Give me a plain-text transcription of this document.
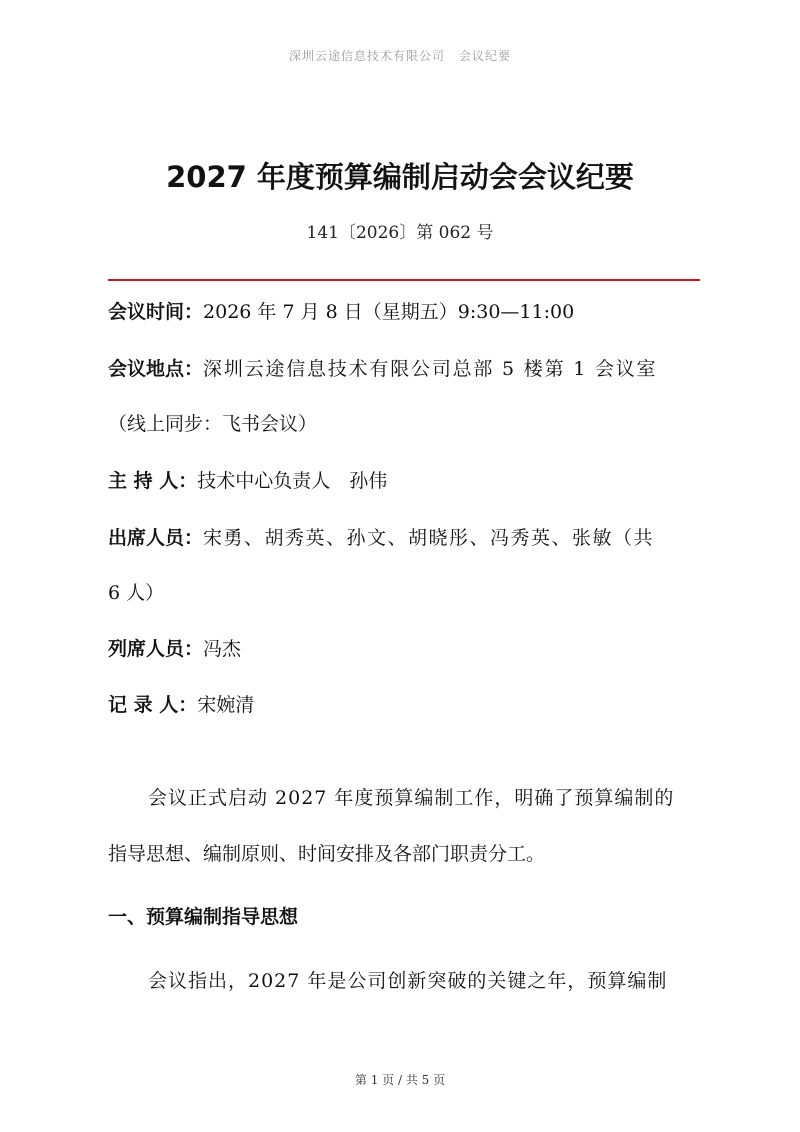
深圳云途信息技术有限公司 会议纪要
2027 年度预算编制启动会会议纪要
141〔2026〕第 062 号
会议时间：2026 年 7 月 8 日（星期五）9:30—11:00
会议地点：深圳云途信息技术有限公司总部 5 楼第 1 会议室
（线上同步：飞书会议）
主 持 人：技术中心负责人　孙伟
出席人员：宋勇、胡秀英、孙文、胡晓彤、冯秀英、张敏（共
6 人）
列席人员：冯杰
记 录 人：宋婉清
会议正式启动 2027 年度预算编制工作，明确了预算编制的
指导思想、编制原则、时间安排及各部门职责分工。
一、预算编制指导思想
会议指出，2027 年是公司创新突破的关键之年，预算编制
第 1 页 / 共 5 页
